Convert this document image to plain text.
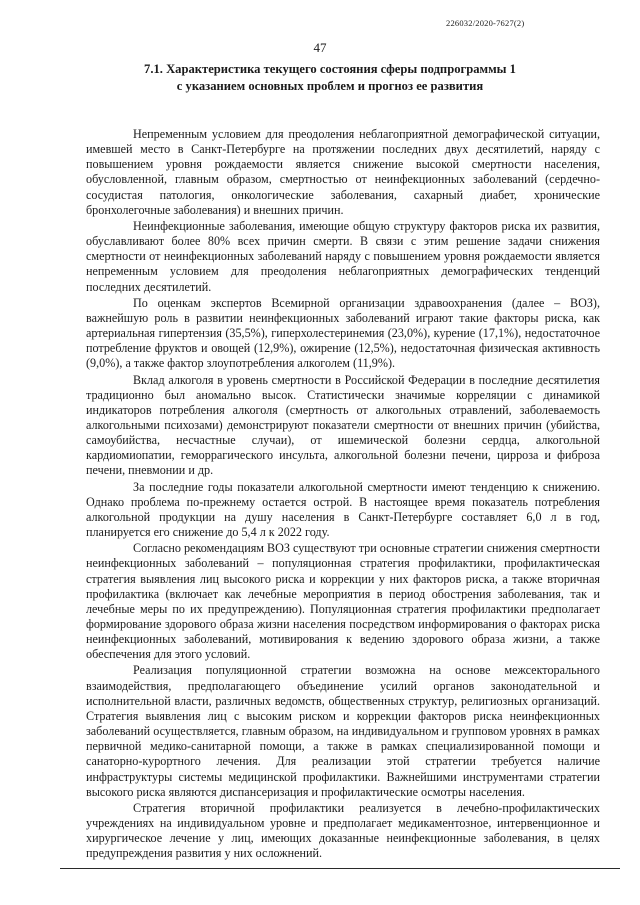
226032/2020-7627(2)
47
7.1. Характеристика текущего состояния сферы подпрограммы 1
с указанием основных проблем и прогноз ее развития

Непременным условием для преодоления неблагоприятной демографической ситуации, имевшей место в Санкт-Петербурге на протяжении последних двух десятилетий, наряду с повышением уровня рождаемости является снижение высокой смертности населения, обусловленной, главным образом, смертностью от неинфекционных заболеваний (сердечно-сосудистая патология, онкологические заболевания, сахарный диабет, хронические бронхолегочные заболевания) и внешних причин.

Неинфекционные заболевания, имеющие общую структуру факторов риска их развития, обуславливают более 80% всех причин смерти. В связи с этим решение задачи снижения смертности от неинфекционных заболеваний наряду с повышением уровня рождаемости является непременным условием для преодоления неблагоприятных демографических тенденций последних десятилетий.

По оценкам экспертов Всемирной организации здравоохранения (далее – ВОЗ), важнейшую роль в развитии неинфекционных заболеваний играют такие факторы риска, как артериальная гипертензия (35,5%), гиперхолестеринемия (23,0%), курение (17,1%), недостаточное потребление фруктов и овощей (12,9%), ожирение (12,5%), недостаточная физическая активность (9,0%), а также фактор злоупотребления алкоголем (11,9%).

Вклад алкоголя в уровень смертности в Российской Федерации в последние десятилетия традиционно был аномально высок. Статистически значимые корреляции с динамикой индикаторов потребления алкоголя (смертность от алкогольных отравлений, заболеваемость алкогольными психозами) демонстрируют показатели смертности от внешних причин (убийства, самоубийства, несчастные случаи), от ишемической болезни сердца, алкогольной кардиомиопатии, геморрагического инсульта, алкогольной болезни печени, цирроза и фиброза печени, пневмонии и др.

За последние годы показатели алкогольной смертности имеют тенденцию к снижению. Однако проблема по-прежнему остается острой. В настоящее время показатель потребления алкогольной продукции на душу населения в Санкт-Петербурге составляет 6,0 л в год, планируется его снижение до 5,4 л к 2022 году.

Согласно рекомендациям ВОЗ существуют три основные стратегии снижения смертности неинфекционных заболеваний – популяционная стратегия профилактики, профилактическая стратегия выявления лиц высокого риска и коррекции у них факторов риска, а также вторичная профилактика (включает как лечебные мероприятия в период обострения заболевания, так и лечебные меры по их предупреждению). Популяционная стратегия профилактики предполагает формирование здорового образа жизни населения посредством информирования о факторах риска неинфекционных заболеваний, мотивирования к ведению здорового образа жизни, а также обеспечения для этого условий.

Реализация популяционной стратегии возможна на основе межсекторального взаимодействия, предполагающего объединение усилий органов законодательной и исполнительной власти, различных ведомств, общественных структур, религиозных организаций. Стратегия выявления лиц с высоким риском и коррекции факторов риска неинфекционных заболеваний осуществляется, главным образом, на индивидуальном и групповом уровнях в рамках первичной медико-санитарной помощи, а также в рамках специализированной помощи и санаторно-курортного лечения. Для реализации этой стратегии требуется наличие инфраструктуры системы медицинской профилактики. Важнейшими инструментами стратегии высокого риска являются диспансеризация и профилактические осмотры населения.

Стратегия вторичной профилактики реализуется в лечебно-профилактических учреждениях на индивидуальном уровне и предполагает медикаментозное, интервенционное и хирургическое лечение у лиц, имеющих доказанные неинфекционные заболевания, в целях предупреждения развития у них осложнений.
